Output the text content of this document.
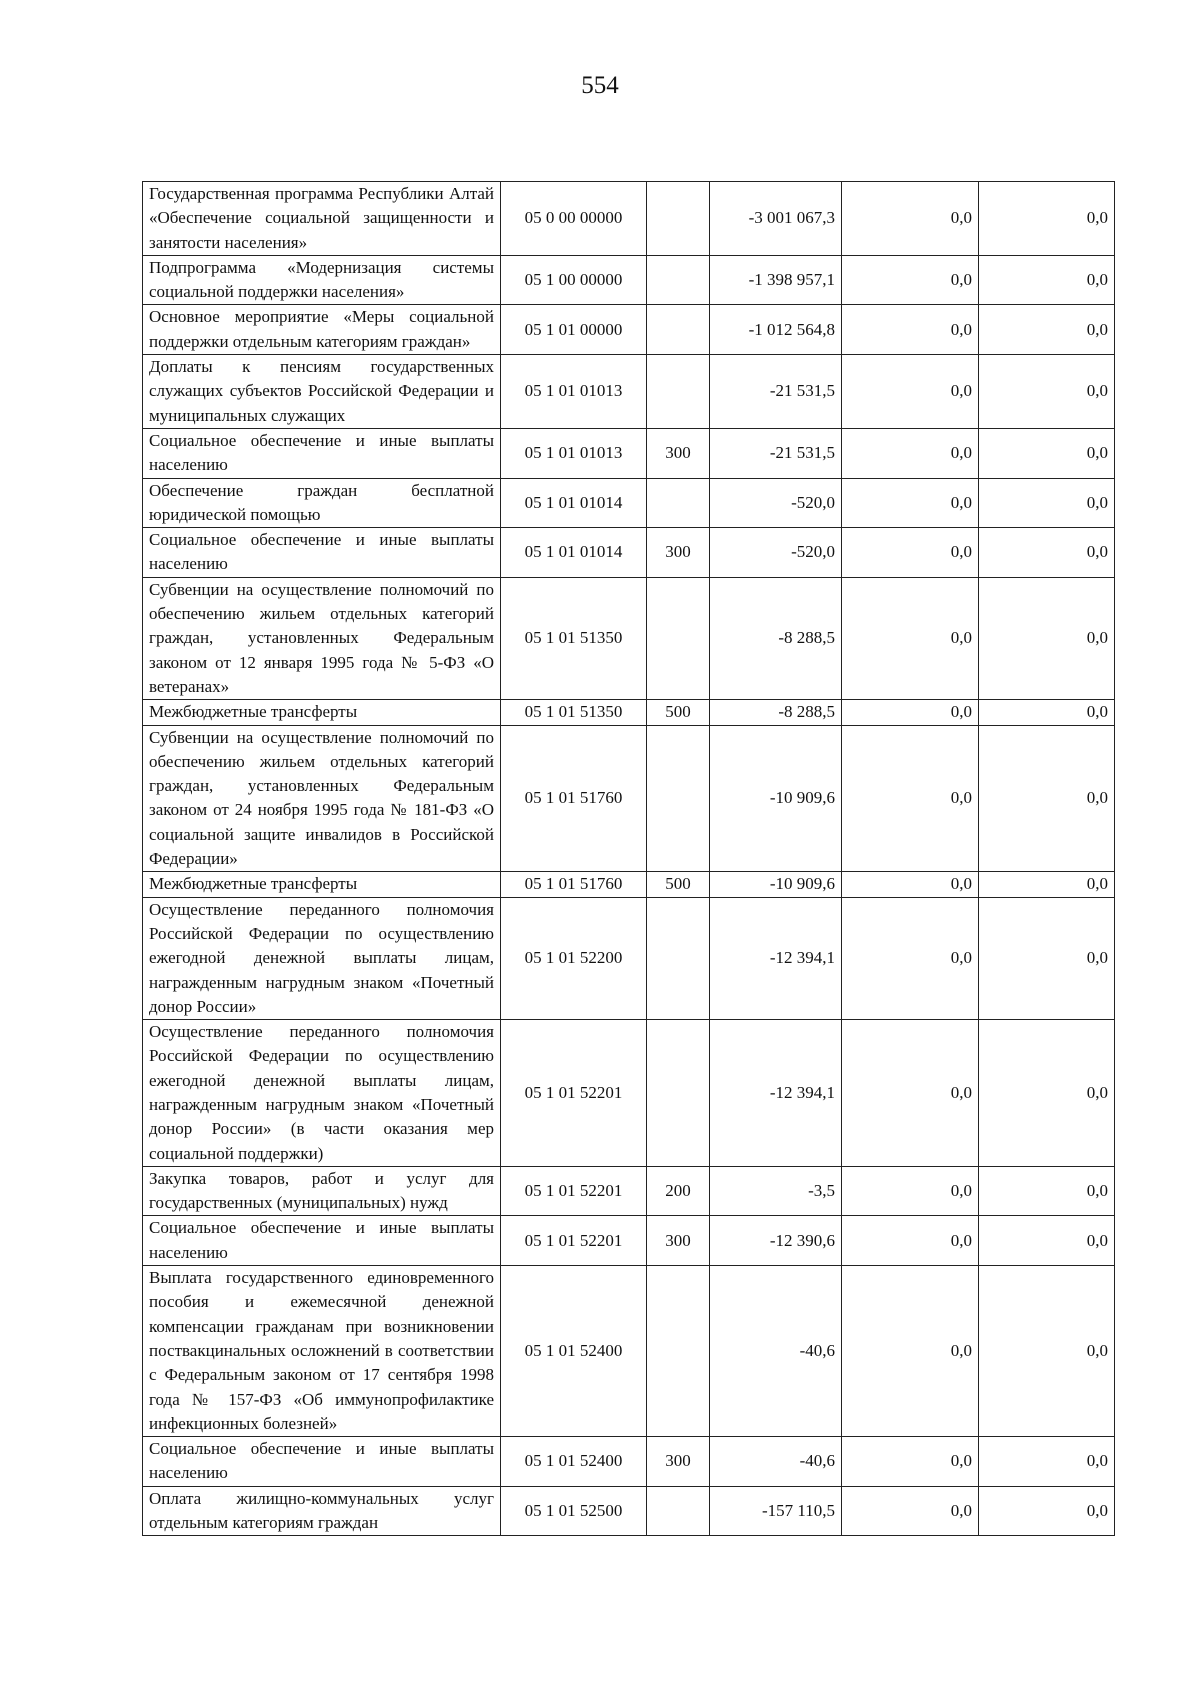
554
Государственная программа Республики Алтай «Обеспечение социальной защищенности и занятости населения»	05 0 00 00000		-3 001 067,3	0,0	0,0
Подпрограмма «Модернизация системы социальной поддержки населения»	05 1 00 00000		-1 398 957,1	0,0	0,0
Основное мероприятие «Меры социальной поддержки отдельным категориям граждан»	05 1 01 00000		-1 012 564,8	0,0	0,0
Доплаты к пенсиям государственных служащих субъектов Российской Федерации и муниципальных служащих	05 1 01 01013		-21 531,5	0,0	0,0
Социальное обеспечение и иные выплаты населению	05 1 01 01013	300	-21 531,5	0,0	0,0
Обеспечение граждан бесплатной юридической помощью	05 1 01 01014		-520,0	0,0	0,0
Социальное обеспечение и иные выплаты населению	05 1 01 01014	300	-520,0	0,0	0,0
Субвенции на осуществление полномочий по обеспечению жильем отдельных категорий граждан, установленных Федеральным законом от 12 января 1995 года № 5-ФЗ «О ветеранах»	05 1 01 51350		-8 288,5	0,0	0,0
Межбюджетные трансферты	05 1 01 51350	500	-8 288,5	0,0	0,0
Субвенции на осуществление полномочий по обеспечению жильем отдельных категорий граждан, установленных Федеральным законом от 24 ноября 1995 года № 181-ФЗ «О социальной защите инвалидов в Российской Федерации»	05 1 01 51760		-10 909,6	0,0	0,0
Межбюджетные трансферты	05 1 01 51760	500	-10 909,6	0,0	0,0
Осуществление переданного полномочия Российской Федерации по осуществлению ежегодной денежной выплаты лицам, награжденным нагрудным знаком «Почетный донор России»	05 1 01 52200		-12 394,1	0,0	0,0
Осуществление переданного полномочия Российской Федерации по осуществлению ежегодной денежной выплаты лицам, награжденным нагрудным знаком «Почетный донор России» (в части оказания мер социальной поддержки)	05 1 01 52201		-12 394,1	0,0	0,0
Закупка товаров, работ и услуг для государственных (муниципальных) нужд	05 1 01 52201	200	-3,5	0,0	0,0
Социальное обеспечение и иные выплаты населению	05 1 01 52201	300	-12 390,6	0,0	0,0
Выплата государственного единовременного пособия и ежемесячной денежной компенсации гражданам при возникновении поствакцинальных осложнений в соответствии с Федеральным законом от 17 сентября 1998 года № 157-ФЗ «Об иммунопрофилактике инфекционных болезней»	05 1 01 52400		-40,6	0,0	0,0
Социальное обеспечение и иные выплаты населению	05 1 01 52400	300	-40,6	0,0	0,0
Оплата жилищно-коммунальных услуг отдельным категориям граждан	05 1 01 52500		-157 110,5	0,0	0,0
